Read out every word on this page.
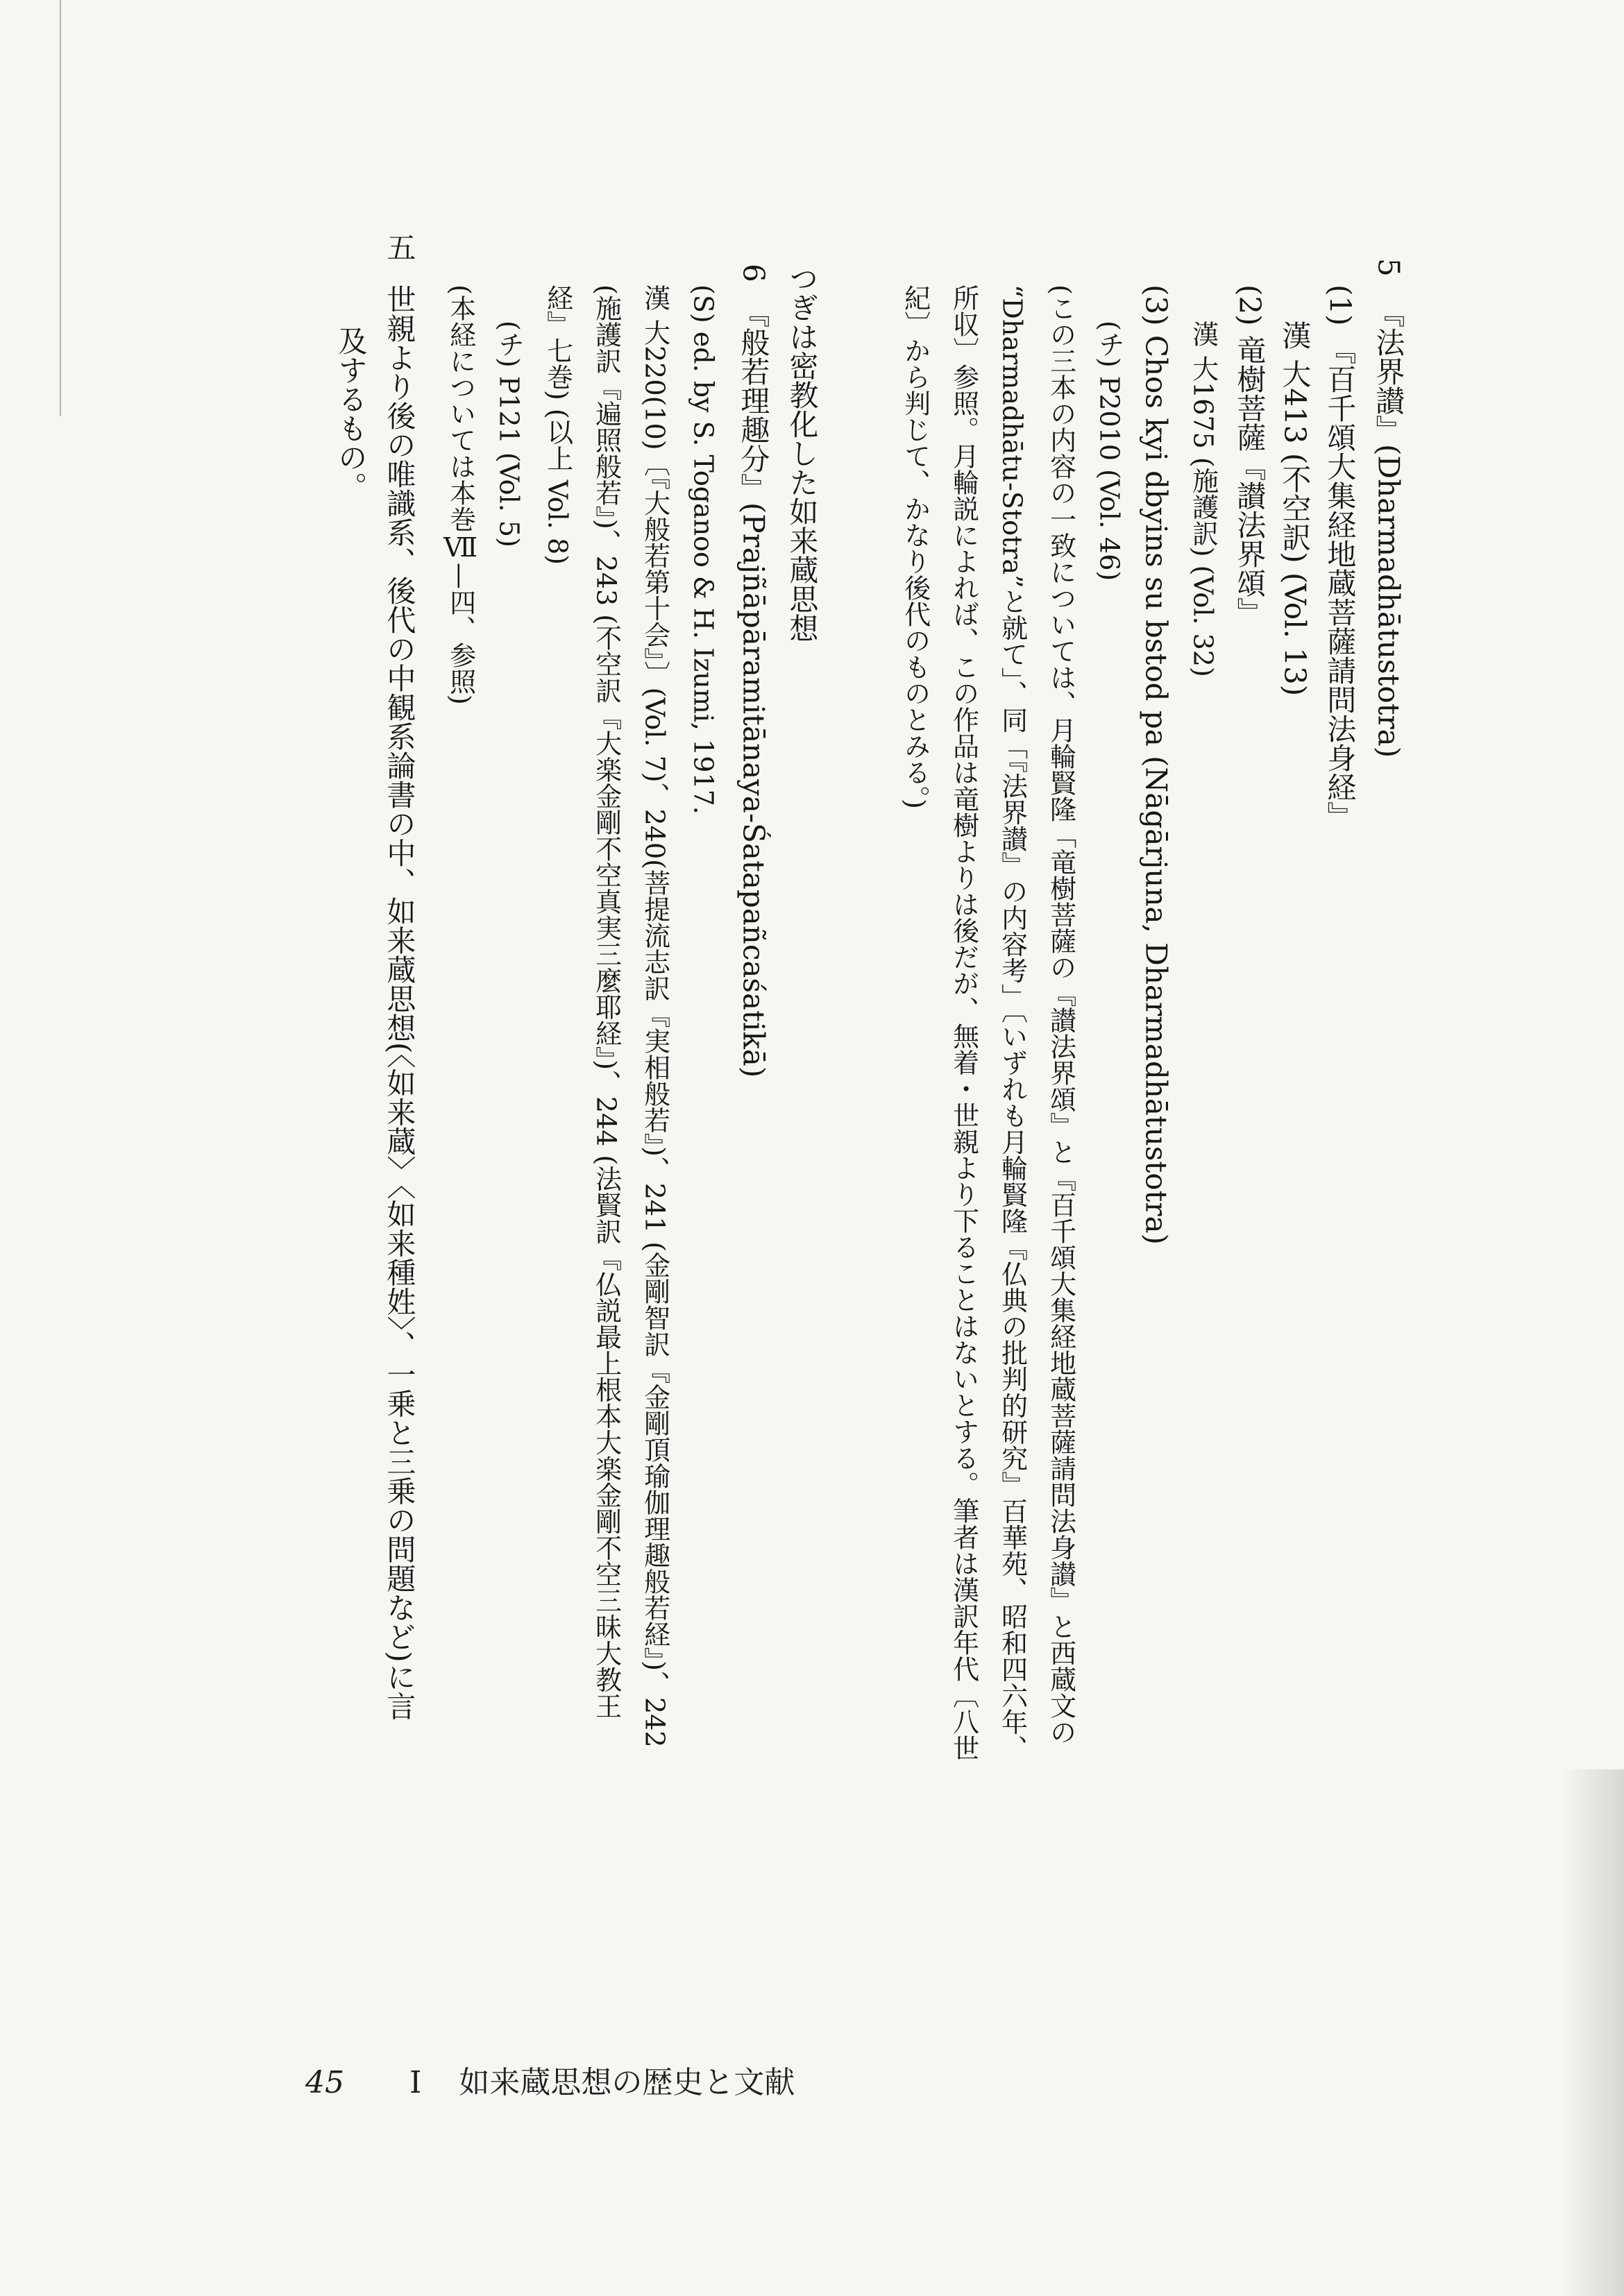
5
『法界讃』(Dharmadhātustotra)
(1) 『百千頌大集経地蔵菩薩請問法身経』
漢 大413 (不空訳) (Vol. 13)
(2) 竜樹菩薩『讃法界頌』
漢 大1675 (施護訳) (Vol. 32)
(3) Chos kyi dbyins su bstod pa (Nāgārjuna, Dharmadhātustotra)
(チ) P2010 (Vol. 46)
(この三本の内容の一致については、月輪賢隆「竜樹菩薩の『讃法界頌』と『百千頌大集経地蔵菩薩請問法身讃』と西蔵文の
“Dharmadhātu-Stotra”と就て」、同「『法界讃』の内容考」〔いずれも月輪賢隆『仏典の批判的研究』百華苑、昭和四六年、
所収〕参照。月輪説によれば、この作品は竜樹よりは後だが、無着・世親より下ることはないとする。筆者は漢訳年代〔八世
紀〕から判じて、かなり後代のものとみる。)
つぎは密教化した如来蔵思想
6
『般若理趣分』(Prajñāpāramitānaya-Śatapañcaśatikā)
(S) ed. by S. Toganoo & H. Izumi, 1917.
漢 大220(10)〔『大般若第十会』〕(Vol. 7)、240(菩提流志訳『実相般若』)、241 (金剛智訳『金剛頂瑜伽理趣般若経』)、242
(施護訳『遍照般若』)、243 (不空訳『大楽金剛不空真実三麼耶経』)、244 (法賢訳『仏説最上根本大楽金剛不空三昧大教王
経』七巻) (以上 Vol. 8)
(チ) P121 (Vol. 5)
(本経については本巻Ⅶ—四、参照)
五
世親より後の唯識系、後代の中観系論書の中、如来蔵思想(〈如来蔵〉〈如来種姓〉、一乗と三乗の問題など)に言
及するもの。
45 I 如来蔵思想の歴史と文献
